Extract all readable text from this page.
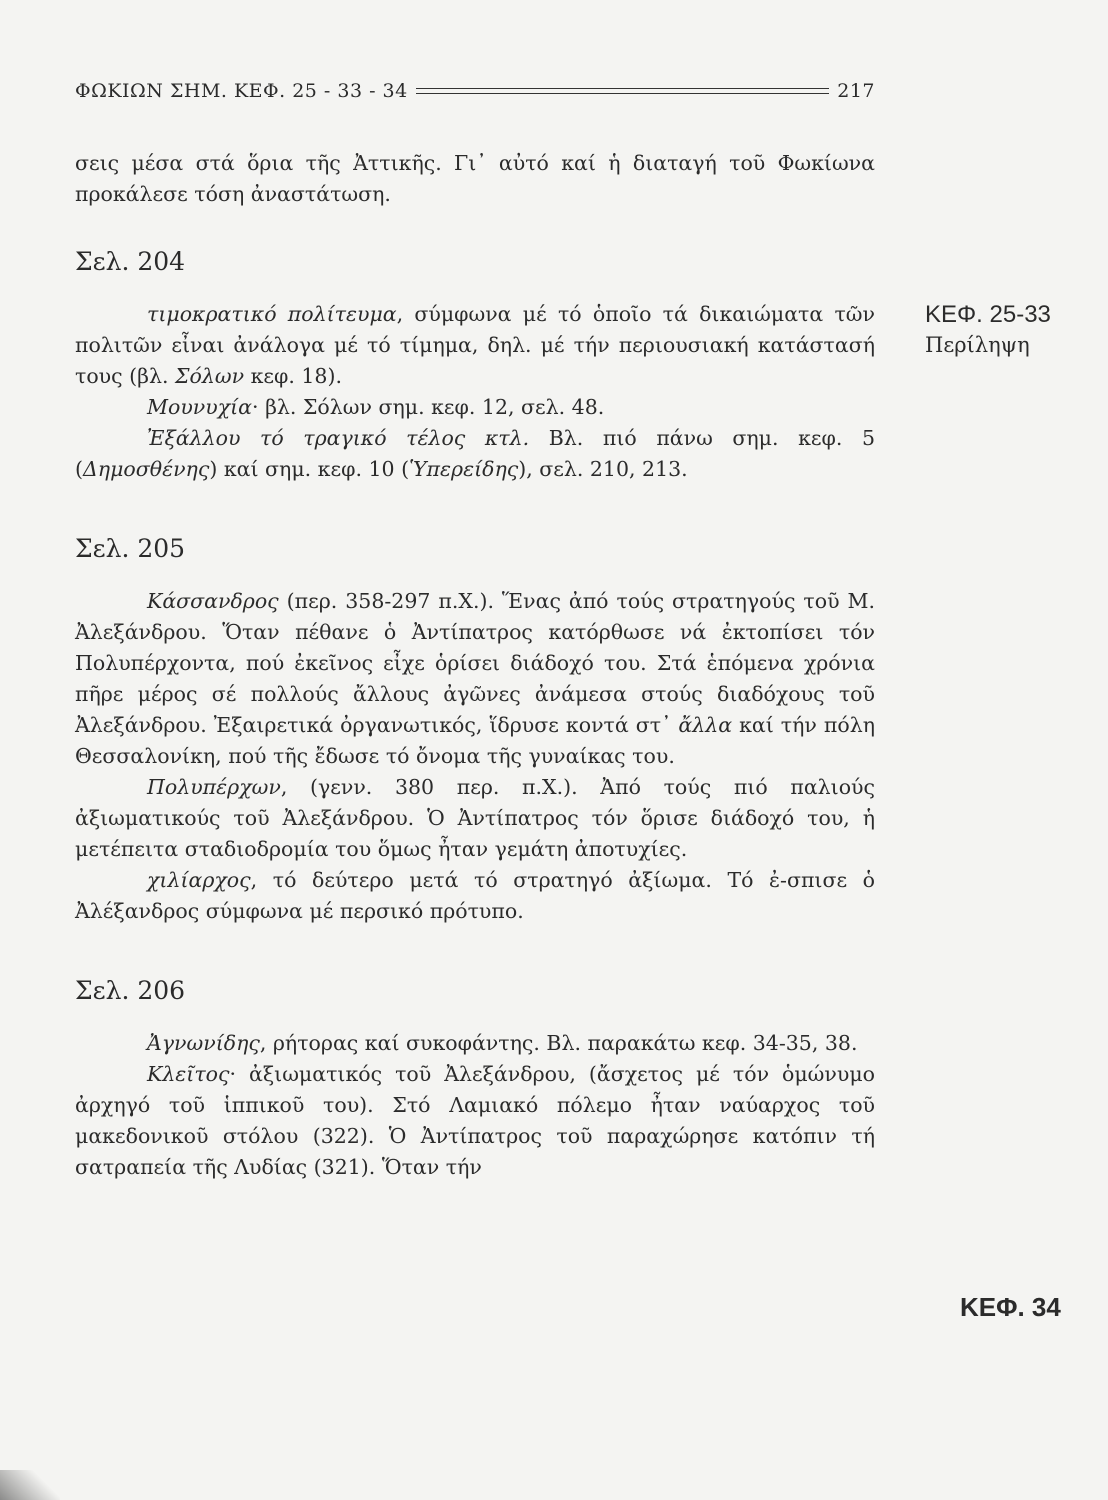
ΦΩΚΙΩΝ ΣΗΜ. ΚΕΦ. 25 - 33 - 34	217
ΚΕΦ. 25-33
Περίληψη
ΚΕΦ. 34

σεις μέσα στά ὅρια τῆς Ἀττικῆς. Γι᾽ αὐτό καί ἡ διαταγή τοῦ Φωκίωνα προκάλεσε τόση ἀναστάτωση.

Σελ. 204

τιμοκρατικό πολίτευμα, σύμφωνα μέ τό ὁποῖο τά δικαιώματα τῶν πολιτῶν εἶναι ἀνάλογα μέ τό τίμημα, δηλ. μέ τήν περιουσιακή κατάστασή τους (βλ. Σόλων κεφ. 18).

Μουνυχία· βλ. Σόλων σημ. κεφ. 12, σελ. 48.

Ἐξάλλου τό τραγικό τέλος κτλ. Βλ. πιό πάνω σημ. κεφ. 5 (Δημοσθένης) καί σημ. κεφ. 10 (Ὑπερείδης), σελ. 210, 213.

Σελ. 205

Κάσσανδρος (περ. 358-297 π.Χ.). Ἕνας ἀπό τούς στρατηγούς τοῦ Μ. Ἀλεξάνδρου. Ὅταν πέθανε ὁ Ἀντίπατρος κατόρθωσε νά ἐκτοπίσει τόν Πολυπέρχοντα, πού ἐκεῖνος εἶχε ὁρίσει διάδοχό του. Στά ἑπόμενα χρόνια πῆρε μέρος σέ πολλούς ἄλλους ἀγῶνες ἀνάμεσα στούς διαδόχους τοῦ Ἀλεξάνδρου. Ἐξαιρετικά ὀργανωτικός, ἵδρυσε κοντά στ᾽ ἄλλα καί τήν πόλη Θεσσαλονίκη, πού τῆς ἔδωσε τό ὄνομα τῆς γυναίκας του.

Πολυπέρχων, (γενν. 380 περ. π.Χ.). Ἀπό τούς πιό παλιούς ἀξιωματικούς τοῦ Ἀλεξάνδρου. Ὁ Ἀντίπατρος τόν ὅρισε διάδοχό του, ἡ μετέπειτα σταδιοδρομία του ὅμως ἦταν γεμάτη ἀποτυχίες.

χιλίαρχος, τό δεύτερο μετά τό στρατηγό ἀξίωμα. Τό ἐ-σπισε ὁ Ἀλέξανδρος σύμφωνα μέ περσικό πρότυπο.

Σελ. 206

Ἀγνωνίδης, ρήτορας καί συκοφάντης. Βλ. παρακάτω κεφ. 34-35, 38.

Κλεῖτος· ἀξιωματικός τοῦ Ἀλεξάνδρου, (ἄσχετος μέ τόν ὁμώνυμο ἀρχηγό τοῦ ἱππικοῦ του). Στό Λαμιακό πόλεμο ἦταν ναύαρχος τοῦ μακεδονικοῦ στόλου (322). Ὁ Ἀντίπατρος τοῦ παραχώρησε κατόπιν τή σατραπεία τῆς Λυδίας (321). Ὅταν τήν
